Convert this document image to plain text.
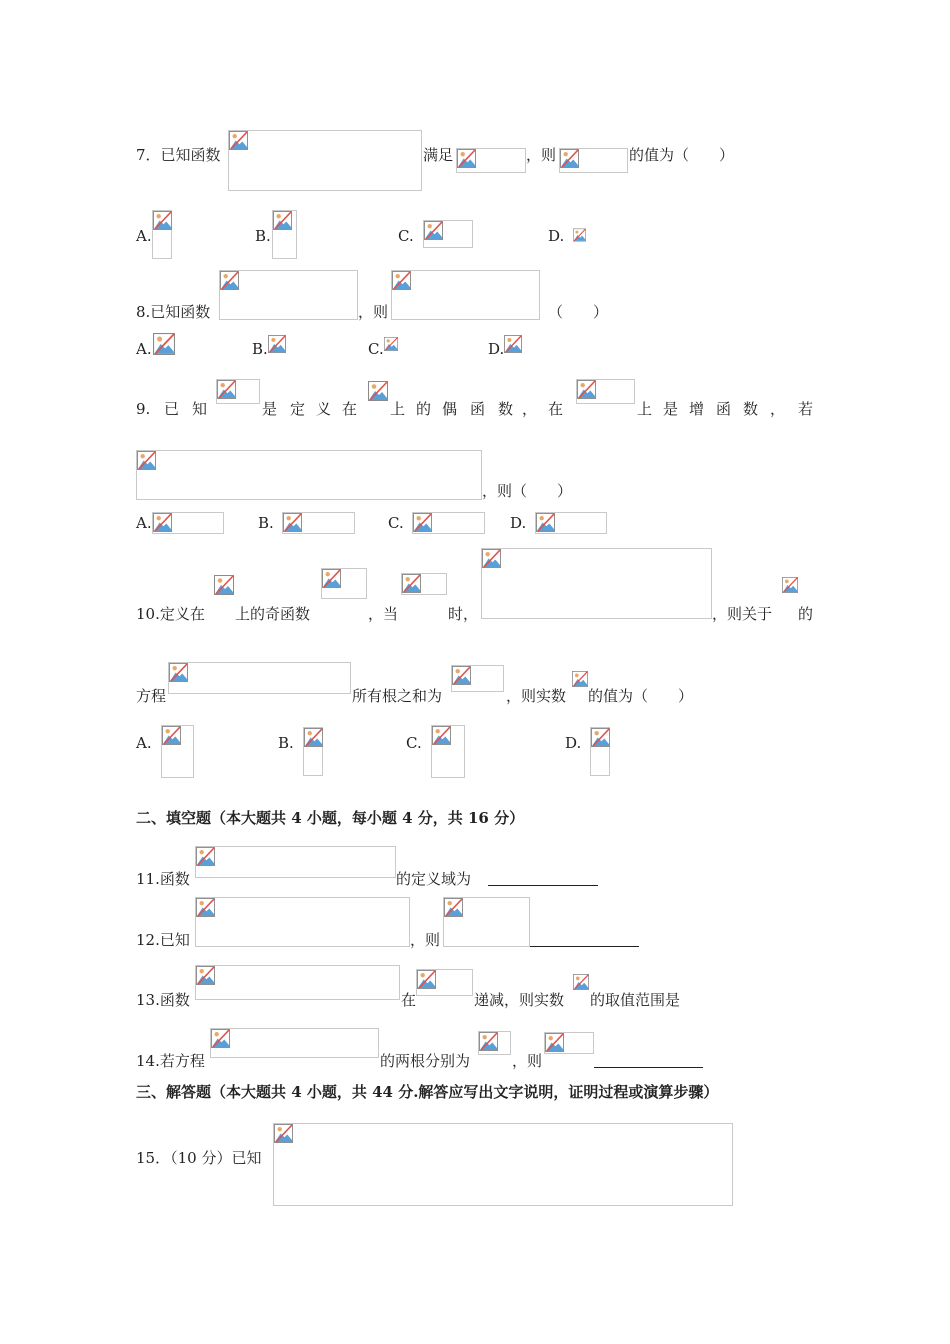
7．已知函数	满足	，则	的值为（　　）
A.	B.	C.	D.
8.已知函数	，则	（　　）
A.	B.	C.	D.
9. 已 知	是 定 义 在 上 的 偶 函 数 ， 在	上 是 增 函 数 ， 若
，则（　　）
A.	B.	C.	D.
10.定义在 上的奇函数	，当	时，	，则关于 的
方程	所有根之和为	，则实数 的值为（　　）
A.	B.	C.	D.
二、填空题（本大题共 4 小题，每小题 4 分，共 16 分）
11.函数	的定义域为
12.已知	，则
13.函数	在	递减，则实数 的取值范围是
14.若方程	的两根分别为	，则
三、解答题（本大题共 4 小题，共 44 分.解答应写出文字说明，证明过程或演算步骤）
15．（10 分）已知
